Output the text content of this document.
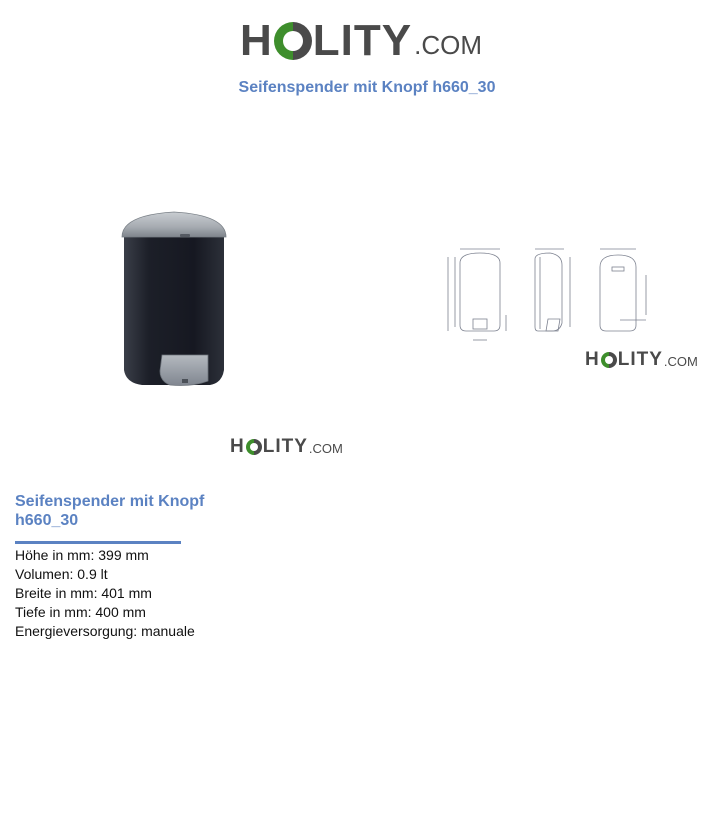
H LITY .COM
Seifenspender mit Knopf h660_30
H LITY .COM
H LITY .COM
Seifenspender mit Knopf h660_30
Höhe in mm: 399 mm
Volumen: 0.9 lt
Breite in mm: 401 mm
Tiefe in mm: 400 mm
Energieversorgung: manuale
